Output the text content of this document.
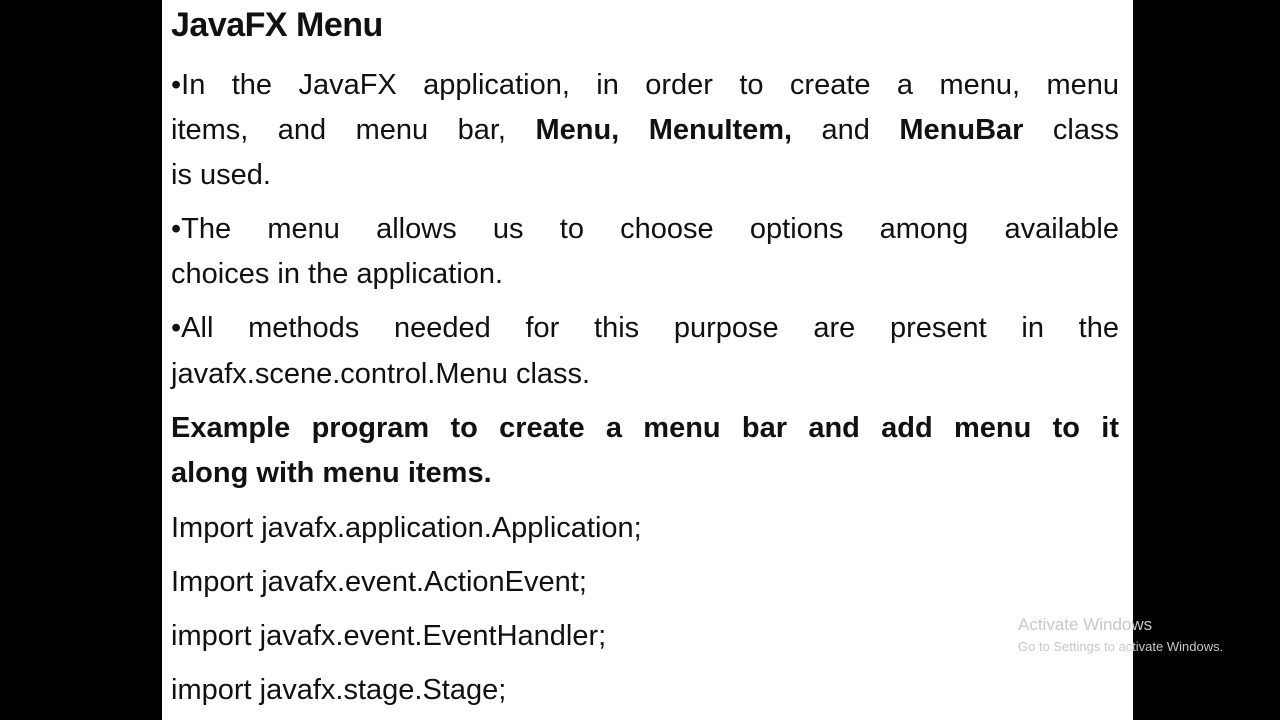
JavaFX Menu
•In the JavaFX application, in order to create a menu, menu
items, and menu bar, Menu, MenuItem, and MenuBar class
is used.
•The menu allows us to choose options among available
choices in the application.
•All methods needed for this purpose are present in the
javafx.scene.control.Menu class.
Example program to create a menu bar and add menu to it
along with menu items.
Import javafx.application.Application;
Import javafx.event.ActionEvent;
import javafx.event.EventHandler;
import javafx.stage.Stage;
Activate Windows
Go to Settings to activate Windows.
